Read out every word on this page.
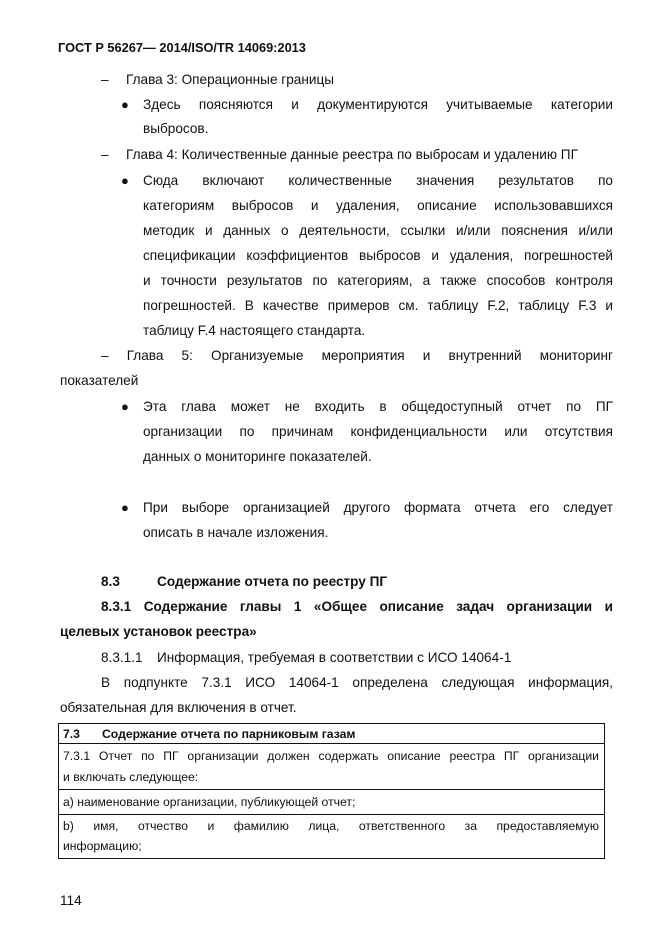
ГОСТ Р 56267— 2014/ISO/TR 14069:2013
– Глава 3: Операционные границы
● Здесь поясняются и документируются учитываемые категории
выбросов.
– Глава 4: Количественные данные реестра по выбросам и удалению ПГ
● Сюда включают количественные значения результатов по
категориям выбросов и удаления, описание использовавшихся
методик и данных о деятельности, ссылки и/или пояснения и/или
спецификации коэффициентов выбросов и удаления, погрешностей
и точности результатов по категориям, а также способов контроля
погрешностей. В качестве примеров см. таблицу F.2, таблицу F.3 и
таблицу F.4 настоящего стандарта.
– Глава 5: Организуемые мероприятия и внутренний мониторинг
показателей
● Эта глава может не входить в общедоступный отчет по ПГ
организации по причинам конфиденциальности или отсутствия
данных о мониторинге показателей.
● При выборе организацией другого формата отчета его следует
описать в начале изложения.
8.3	Содержание отчета по реестру ПГ
8.3.1 Содержание главы 1 «Общее описание задач организации и
целевых установок реестра»
8.3.1.1 Информация, требуемая в соответствии с ИСО 14064-1
В подпункте 7.3.1 ИСО 14064-1 определена следующая информация,
обязательная для включения в отчет.
7.3 Содержание отчета по парниковым газам
7.3.1 Отчет по ПГ организации должен содержать описание реестра ПГ организации
и включать следующее:
a) наименование организации, публикующей отчет;
b) имя, отчество и фамилию лица, ответственного за предоставляемую
информацию;
114
